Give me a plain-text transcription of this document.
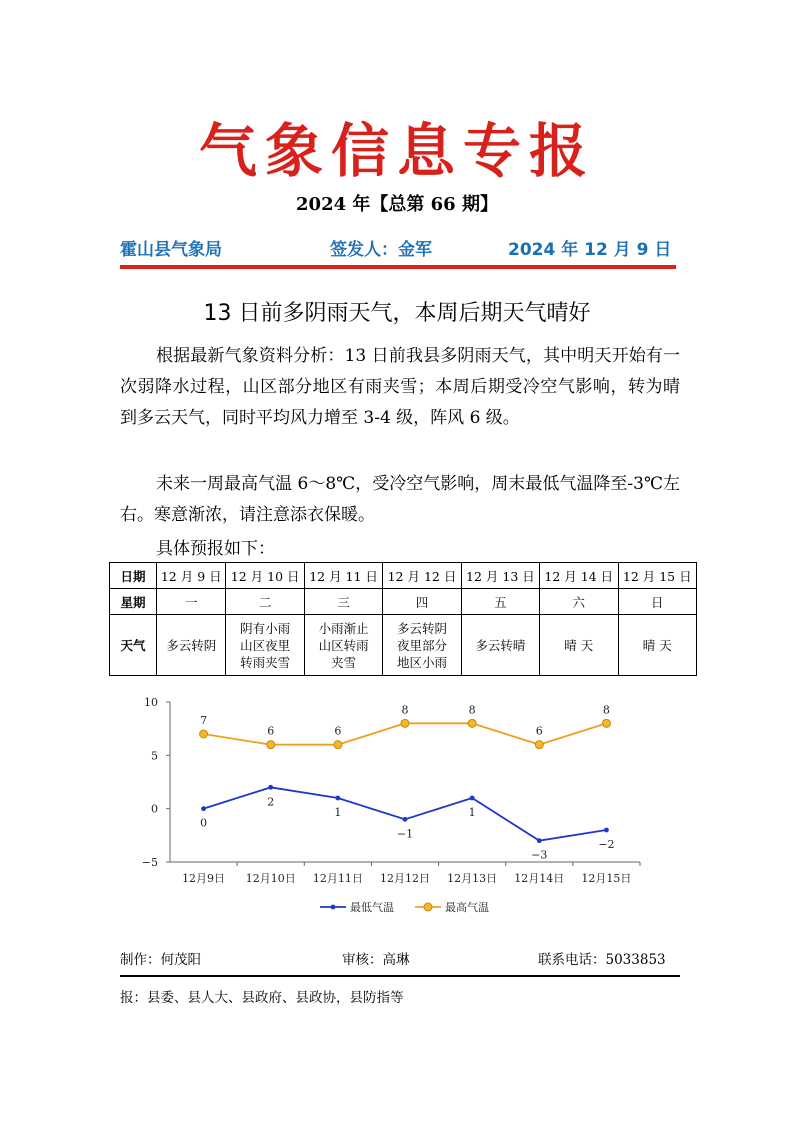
气象信息专报
2024 年【总第 66 期】
霍山县气象局	签发人：金军	2024 年 12 月 9 日
13 日前多阴雨天气，本周后期天气晴好
根据最新气象资料分析：13 日前我县多阴雨天气，其中明天开始有一次弱降水过程，山区部分地区有雨夹雪；本周后期受冷空气影响，转为晴到多云天气，同时平均风力增至 3-4 级，阵风 6 级。
未来一周最高气温 6～8℃，受冷空气影响，周末最低气温降至-3℃左右。寒意渐浓，请注意添衣保暖。
具体预报如下：
日期	12 月 9 日	12 月 10 日	12 月 11 日	12 月 12 日	12 月 13 日	12 月 14 日	12 月 15 日
星期	一	二	三	四	五	六	日
天气	多云转阴	阴有小雨
山区夜里
转雨夹雪	小雨渐止
山区转雨
夹雪	多云转阴
夜里部分
地区小雨	多云转晴	晴 天	晴 天
10
5
0
−5
12月9日 12月10日 12月11日 12月12日 12月13日 12月14日 12月15日
0
2
1
−1
1
−3
−2
7
6	6
8	8
6
8
最低气温	最高气温
制作：何茂阳	审核：高琳	联系电话：5033853
报：县委、县人大、县政府、县政协，县防指等
